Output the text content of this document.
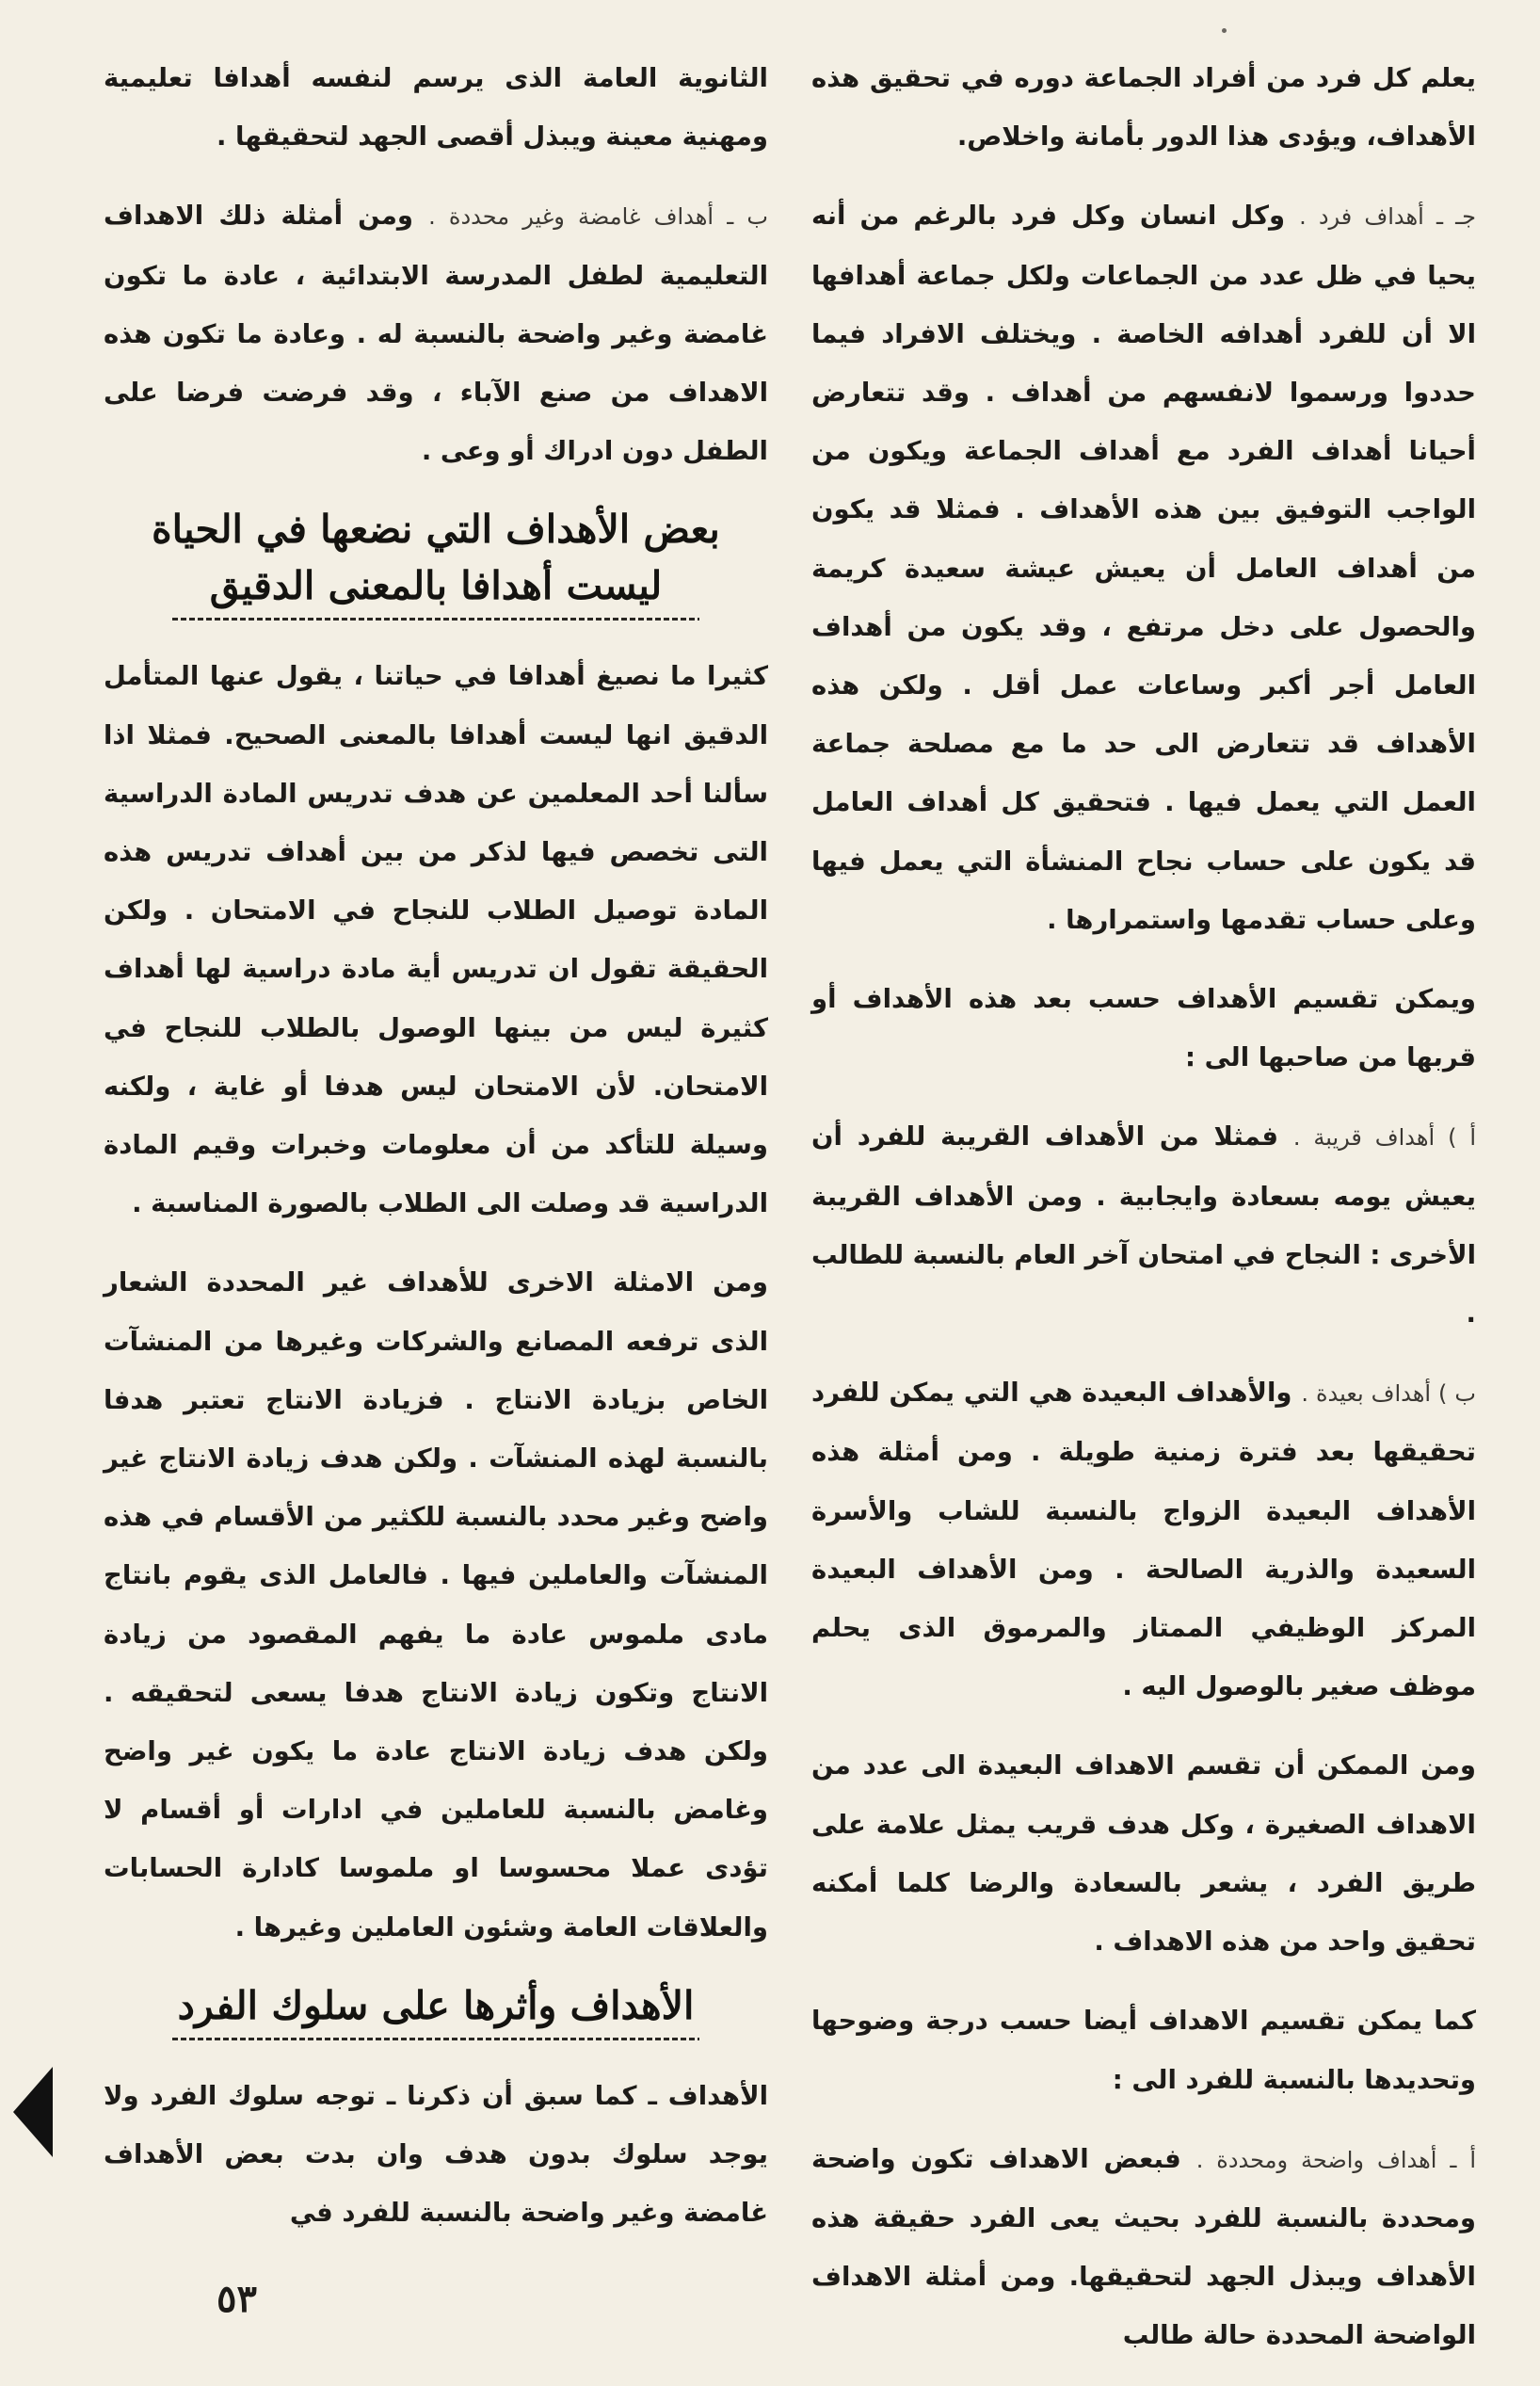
يعلم كل فرد من أفراد الجماعة دوره في تحقيق هذه الأهداف، ويؤدى هذا الدور بأمانة واخلاص.

جـ ـ أهداف فرد . وكل انسان وكل فرد بالرغم من أنه يحيا في ظل عدد من الجماعات ولكل جماعة أهدافها الا أن للفرد أهدافه الخاصة . ويختلف الافراد فيما حددوا ورسموا لانفسهم من أهداف . وقد تتعارض أحيانا أهداف الفرد مع أهداف الجماعة ويكون من الواجب التوفيق بين هذه الأهداف . فمثلا قد يكون من أهداف العامل أن يعيش عيشة سعيدة كريمة والحصول على دخل مرتفع ، وقد يكون من أهداف العامل أجر أكبر وساعات عمل أقل . ولكن هذه الأهداف قد تتعارض الى حد ما مع مصلحة جماعة العمل التي يعمل فيها . فتحقيق كل أهداف العامل قد يكون على حساب نجاح المنشأة التي يعمل فيها وعلى حساب تقدمها واستمرارها .

ويمكن تقسيم الأهداف حسب بعد هذه الأهداف أو قربها من صاحبها الى :

أ ) أهداف قريبة . فمثلا من الأهداف القريبة للفرد أن يعيش يومه بسعادة وايجابية . ومن الأهداف القريبة الأخرى : النجاح في امتحان آخر العام بالنسبة للطالب .

ب ) أهداف بعيدة . والأهداف البعيدة هي التي يمكن للفرد تحقيقها بعد فترة زمنية طويلة . ومن أمثلة هذه الأهداف البعيدة الزواج بالنسبة للشاب والأسرة السعيدة والذرية الصالحة . ومن الأهداف البعيدة المركز الوظيفي الممتاز والمرموق الذى يحلم موظف صغير بالوصول اليه .

ومن الممكن أن تقسم الاهداف البعيدة الى عدد من الاهداف الصغيرة ، وكل هدف قريب يمثل علامة على طريق الفرد ، يشعر بالسعادة والرضا كلما أمكنه تحقيق واحد من هذه الاهداف .

كما يمكن تقسيم الاهداف أيضا حسب درجة وضوحها وتحديدها بالنسبة للفرد الى :

أ ـ أهداف واضحة ومحددة . فبعض الاهداف تكون واضحة ومحددة بالنسبة للفرد بحيث يعى الفرد حقيقة هذه الأهداف ويبذل الجهد لتحقيقها. ومن أمثلة الاهداف الواضحة المحددة حالة طالب

الثانوية العامة الذى يرسم لنفسه أهدافا تعليمية ومهنية معينة ويبذل أقصى الجهد لتحقيقها .

ب ـ أهداف غامضة وغير محددة . ومن أمثلة ذلك الاهداف التعليمية لطفل المدرسة الابتدائية ، عادة ما تكون غامضة وغير واضحة بالنسبة له . وعادة ما تكون هذه الاهداف من صنع الآباء ، وقد فرضت فرضا على الطفل دون ادراك أو وعى .

بعض الأهداف التي نضعها في الحياة
ليست أهدافا بالمعنى الدقيق

كثيرا ما نصيغ أهدافا في حياتنا ، يقول عنها المتأمل الدقيق انها ليست أهدافا بالمعنى الصحيح. فمثلا اذا سألنا أحد المعلمين عن هدف تدريس المادة الدراسية التى تخصص فيها لذكر من بين أهداف تدريس هذه المادة توصيل الطلاب للنجاح في الامتحان . ولكن الحقيقة تقول ان تدريس أية مادة دراسية لها أهداف كثيرة ليس من بينها الوصول بالطلاب للنجاح في الامتحان. لأن الامتحان ليس هدفا أو غاية ، ولكنه وسيلة للتأكد من أن معلومات وخبرات وقيم المادة الدراسية قد وصلت الى الطلاب بالصورة المناسبة .

ومن الامثلة الاخرى للأهداف غير المحددة الشعار الذى ترفعه المصانع والشركات وغيرها من المنشآت الخاص بزيادة الانتاج . فزيادة الانتاج تعتبر هدفا بالنسبة لهذه المنشآت . ولكن هدف زيادة الانتاج غير واضح وغير محدد بالنسبة للكثير من الأقسام في هذه المنشآت والعاملين فيها . فالعامل الذى يقوم بانتاج مادى ملموس عادة ما يفهم المقصود من زيادة الانتاج وتكون زيادة الانتاج هدفا يسعى لتحقيقه . ولكن هدف زيادة الانتاج عادة ما يكون غير واضح وغامض بالنسبة للعاملين في ادارات أو أقسام لا تؤدى عملا محسوسا او ملموسا كادارة الحسابات والعلاقات العامة وشئون العاملين وغيرها .

الأهداف وأثرها على سلوك الفرد

الأهداف ـ كما سبق أن ذكرنا ـ توجه سلوك الفرد ولا يوجد سلوك بدون هدف وان بدت بعض الأهداف غامضة وغير واضحة بالنسبة للفرد في

٥٣
